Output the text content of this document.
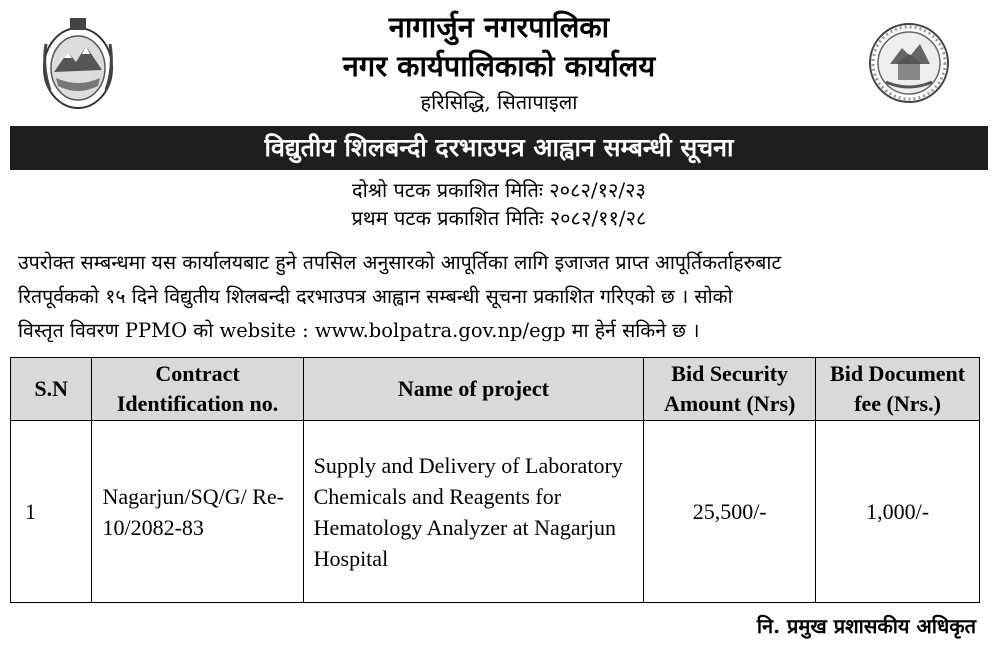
नागार्जुन नगरपालिका
नगर कार्यपालिकाको कार्यालय
हरिसिद्धि, सितापाइला
विद्युतीय शिलबन्दी दरभाउपत्र आह्वान सम्बन्धी सूचना
दोश्रो पटक प्रकाशित मितिः २०८२/१२/२३
प्रथम पटक प्रकाशित मितिः २०८२/११/२८
उपरोक्त सम्बन्धमा यस कार्यालयबाट हुने तपसिल अनुसारको आपूर्तिका लागि इजाजत प्राप्त आपूर्तिकर्ताहरुबाट
रितपूर्वकको १५ दिने विद्युतीय शिलबन्दी दरभाउपत्र आह्वान सम्बन्धी सूचना प्रकाशित गरिएको छ । सोको
विस्तृत विवरण PPMO को website : www.bolpatra.gov.np/egp मा हेर्न सकिने छ ।
S.N	Contract Identification no.	Name of project	Bid Security Amount (Nrs)	Bid Document fee (Nrs.)
1	Nagarjun/SQ/G/ Re-10/2082-83	Supply and Delivery of Laboratory Chemicals and Reagents for Hematology Analyzer at Nagarjun Hospital	25,500/-	1,000/-
नि. प्रमुख प्रशासकीय अधिकृत
